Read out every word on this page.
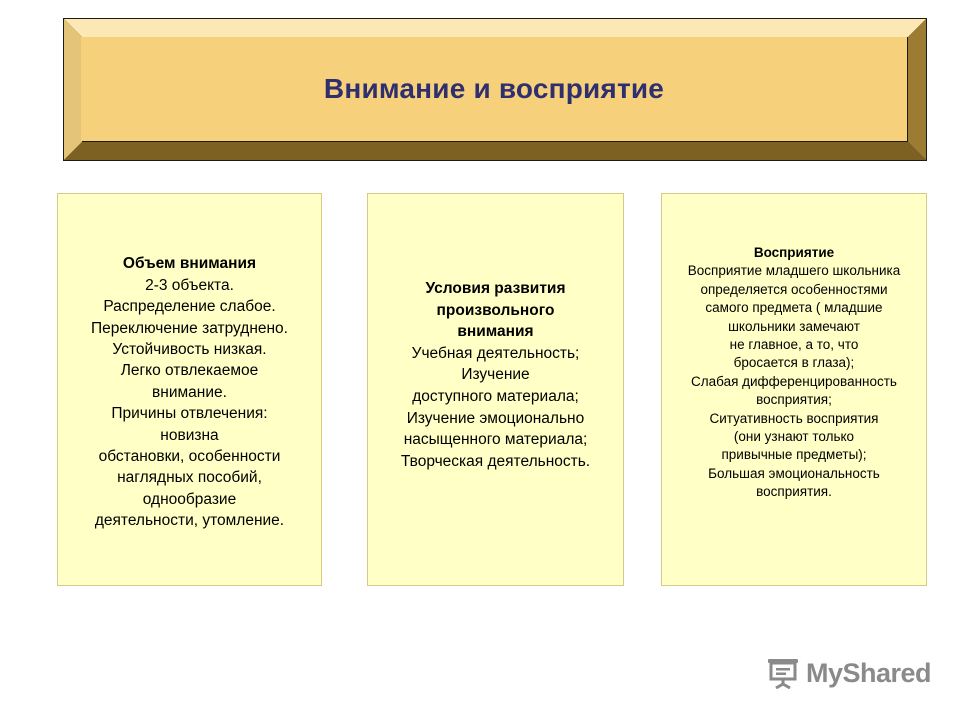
Внимание и восприятие
Объем внимания
2-3 объекта.
Распределение слабое.
Переключение затруднено.
Устойчивость низкая.
Легко отвлекаемое
внимание.
Причины отвлечения:
новизна
обстановки, особенности
наглядных пособий,
однообразие
деятельности, утомление.
Условия развития
произвольного
внимания
Учебная деятельность;
Изучение
доступного материала;
Изучение эмоционально
насыщенного материала;
Творческая деятельность.
Восприятие
Восприятие младшего школьника
определяется особенностями
самого предмета ( младшие
школьники замечают
не главное, а то, что
бросается в глаза);
Слабая дифференцированность
восприятия;
Ситуативность восприятия
(они узнают только
привычные предметы);
Большая эмоциональность
восприятия.
MyShared
